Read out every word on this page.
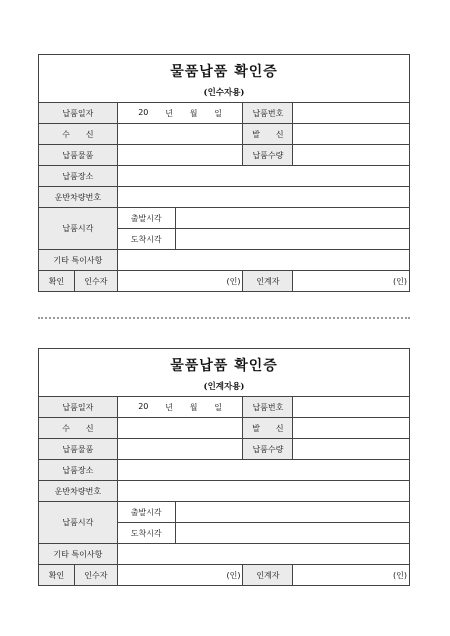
물품납품 확인증
(인수자용)					

납품일자		20 년 월 일		납품번호	
수　　신				발　　신	
납품물품				납품수량	
납품장소					
운반차량번호					
납품시각		출발시각			
		도착시각			
기타 특이사항					
확인	인수자	(인)		인계자	(인)
물품납품 확인증
(인계자용)					

납품일자		20 년 월 일		납품번호	
수　　신				발　　신	
납품물품				납품수량	
납품장소					
운반차량번호					
납품시각		출발시각			
		도착시각			
기타 특이사항					
확인	인수자	(인)		인계자	(인)
